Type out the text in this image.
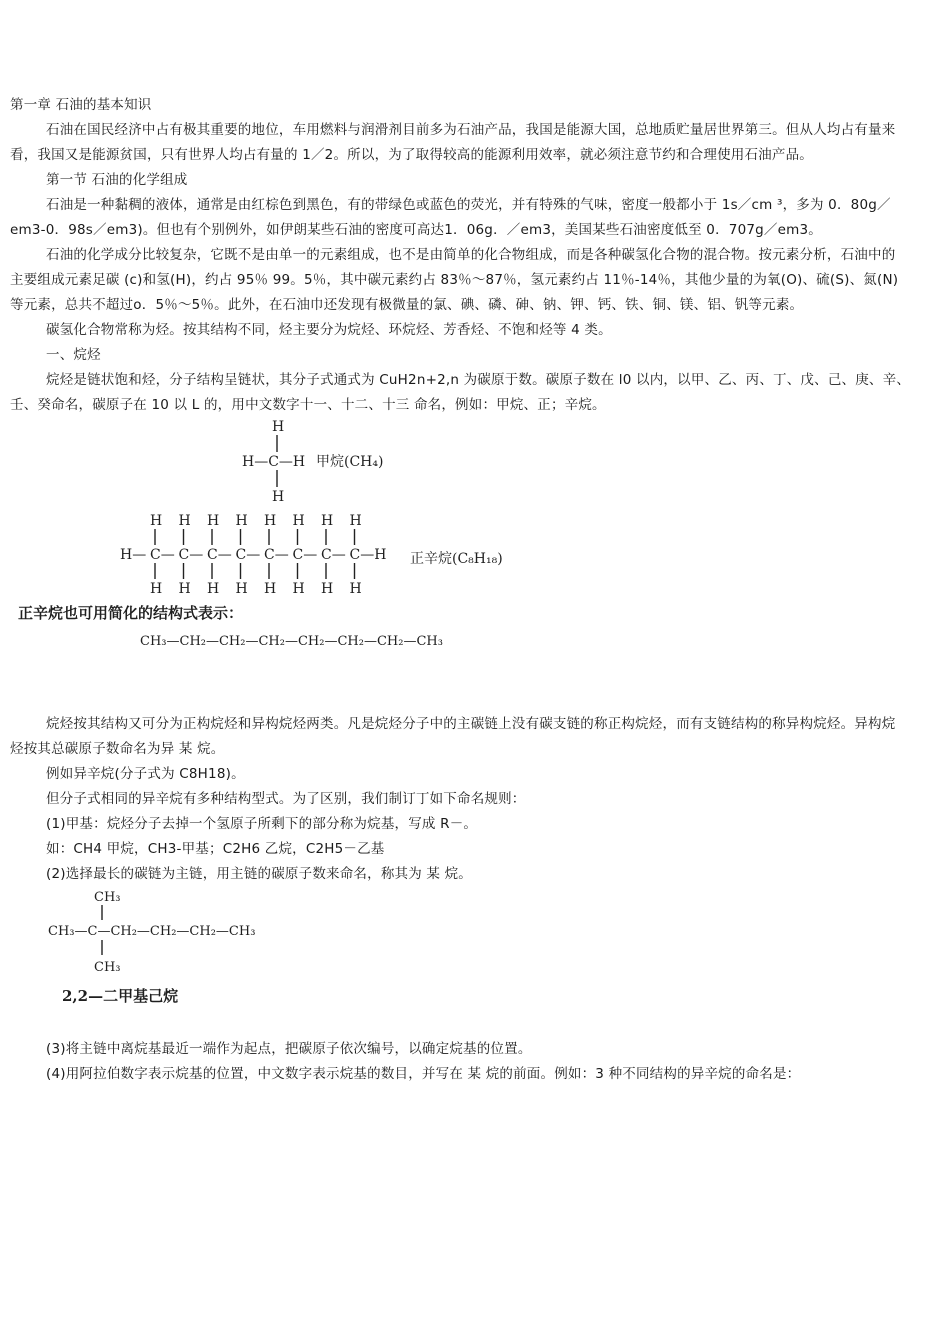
第一章 石油的基本知识
石油在国民经济中占有极其重要的地位，车用燃料与润滑剂目前多为石油产品，我国是能源大国，总地质贮量居世界第三。但从人均占有量来
看，我国又是能源贫国，只有世界人均占有量的 1／2。所以，为了取得较高的能源利用效率，就必须注意节约和合理使用石油产品。
第一节 石油的化学组成
石油是一种黏稠的液体，通常是由红棕色到黑色，有的带绿色或蓝色的荧光，并有特殊的气味，密度一般都小于 1s／cm ³，多为 0．80g／
em3-0．98s／em3)。但也有个别例外，如伊朗某些石油的密度可高达1．06g．／em3，美国某些石油密度低至 0．707g／em3。
石油的化学成分比较复杂，它既不是由单一的元素组成，也不是由简单的化合物组成，而是各种碳氢化合物的混合物。按元素分析，石油中的
主要组成元素足碳 (c)和氢(H)，约占 95％ 99。5％，其中碳元素约占 83％～87％，氢元素约占 11％-14％，其他少量的为氧(O)、硫(S)、氮(N)
等元素，总共不超过o．5％～5％。此外，在石油巾还发现有极微量的氯、碘、磷、砷、钠、钾、钙、铁、铜、镁、铝、钒等元素。
碳氢化合物常称为烃。按其结构不同，烃主要分为烷烃、环烷烃、芳香烃、不饱和烃等 4 类。
一、烷烃
烷烃是链状饱和烃，分子结构呈链状，其分子式通式为 CuH2n+2,n 为碳原于数。碳原子数在 l0 以内，以甲、乙、丙、丁、戊、己、庚、辛、
壬、癸命名，碳原子在 10 以 L 的，用中文数字十一、十二、十三 命名，例如：甲烷、正；辛烷。
H
H—C—H
H
甲烷(CH₄)
H H H H H H H H
H— C— C— C— C— C— C— C— C—H
H H H H H H H H
正辛烷(C₈H₁₈)
正辛烷也可用简化的结构式表示：
CH₃—CH₂—CH₂—CH₂—CH₂—CH₂—CH₂—CH₃
烷烃按其结构又可分为正构烷烃和异构烷烃两类。凡是烷烃分子中的主碳链上没有碳支链的称正构烷烃，而有支链结构的称异构烷烃。异构烷
烃按其总碳原子数命名为异 某 烷。
例如异辛烷(分子式为 C8H18)。
但分子式相同的异辛烷有多种结构型式。为了区别，我们制订丁如下命名规则：
(1)甲基：烷烃分子去掉一个氢原子所剩下的部分称为烷基，写成 R－。
如：CH4 甲烷，CH3-甲基；C2H6 乙烷，C2H5－乙基
(2)选择最长的碳链为主链，用主链的碳原子数来命名，称其为 某 烷。
CH₃
CH₃—C—CH₂—CH₂—CH₂—CH₃
CH₃
2,2—二甲基己烷
(3)将主链中离烷基最近一端作为起点，把碳原子依次编号，以确定烷基的位置。
(4)用阿拉伯数字表示烷基的位置，中文数字表示烷基的数目，并写在 某 烷的前面。例如：3 种不同结构的异辛烷的命名是：
